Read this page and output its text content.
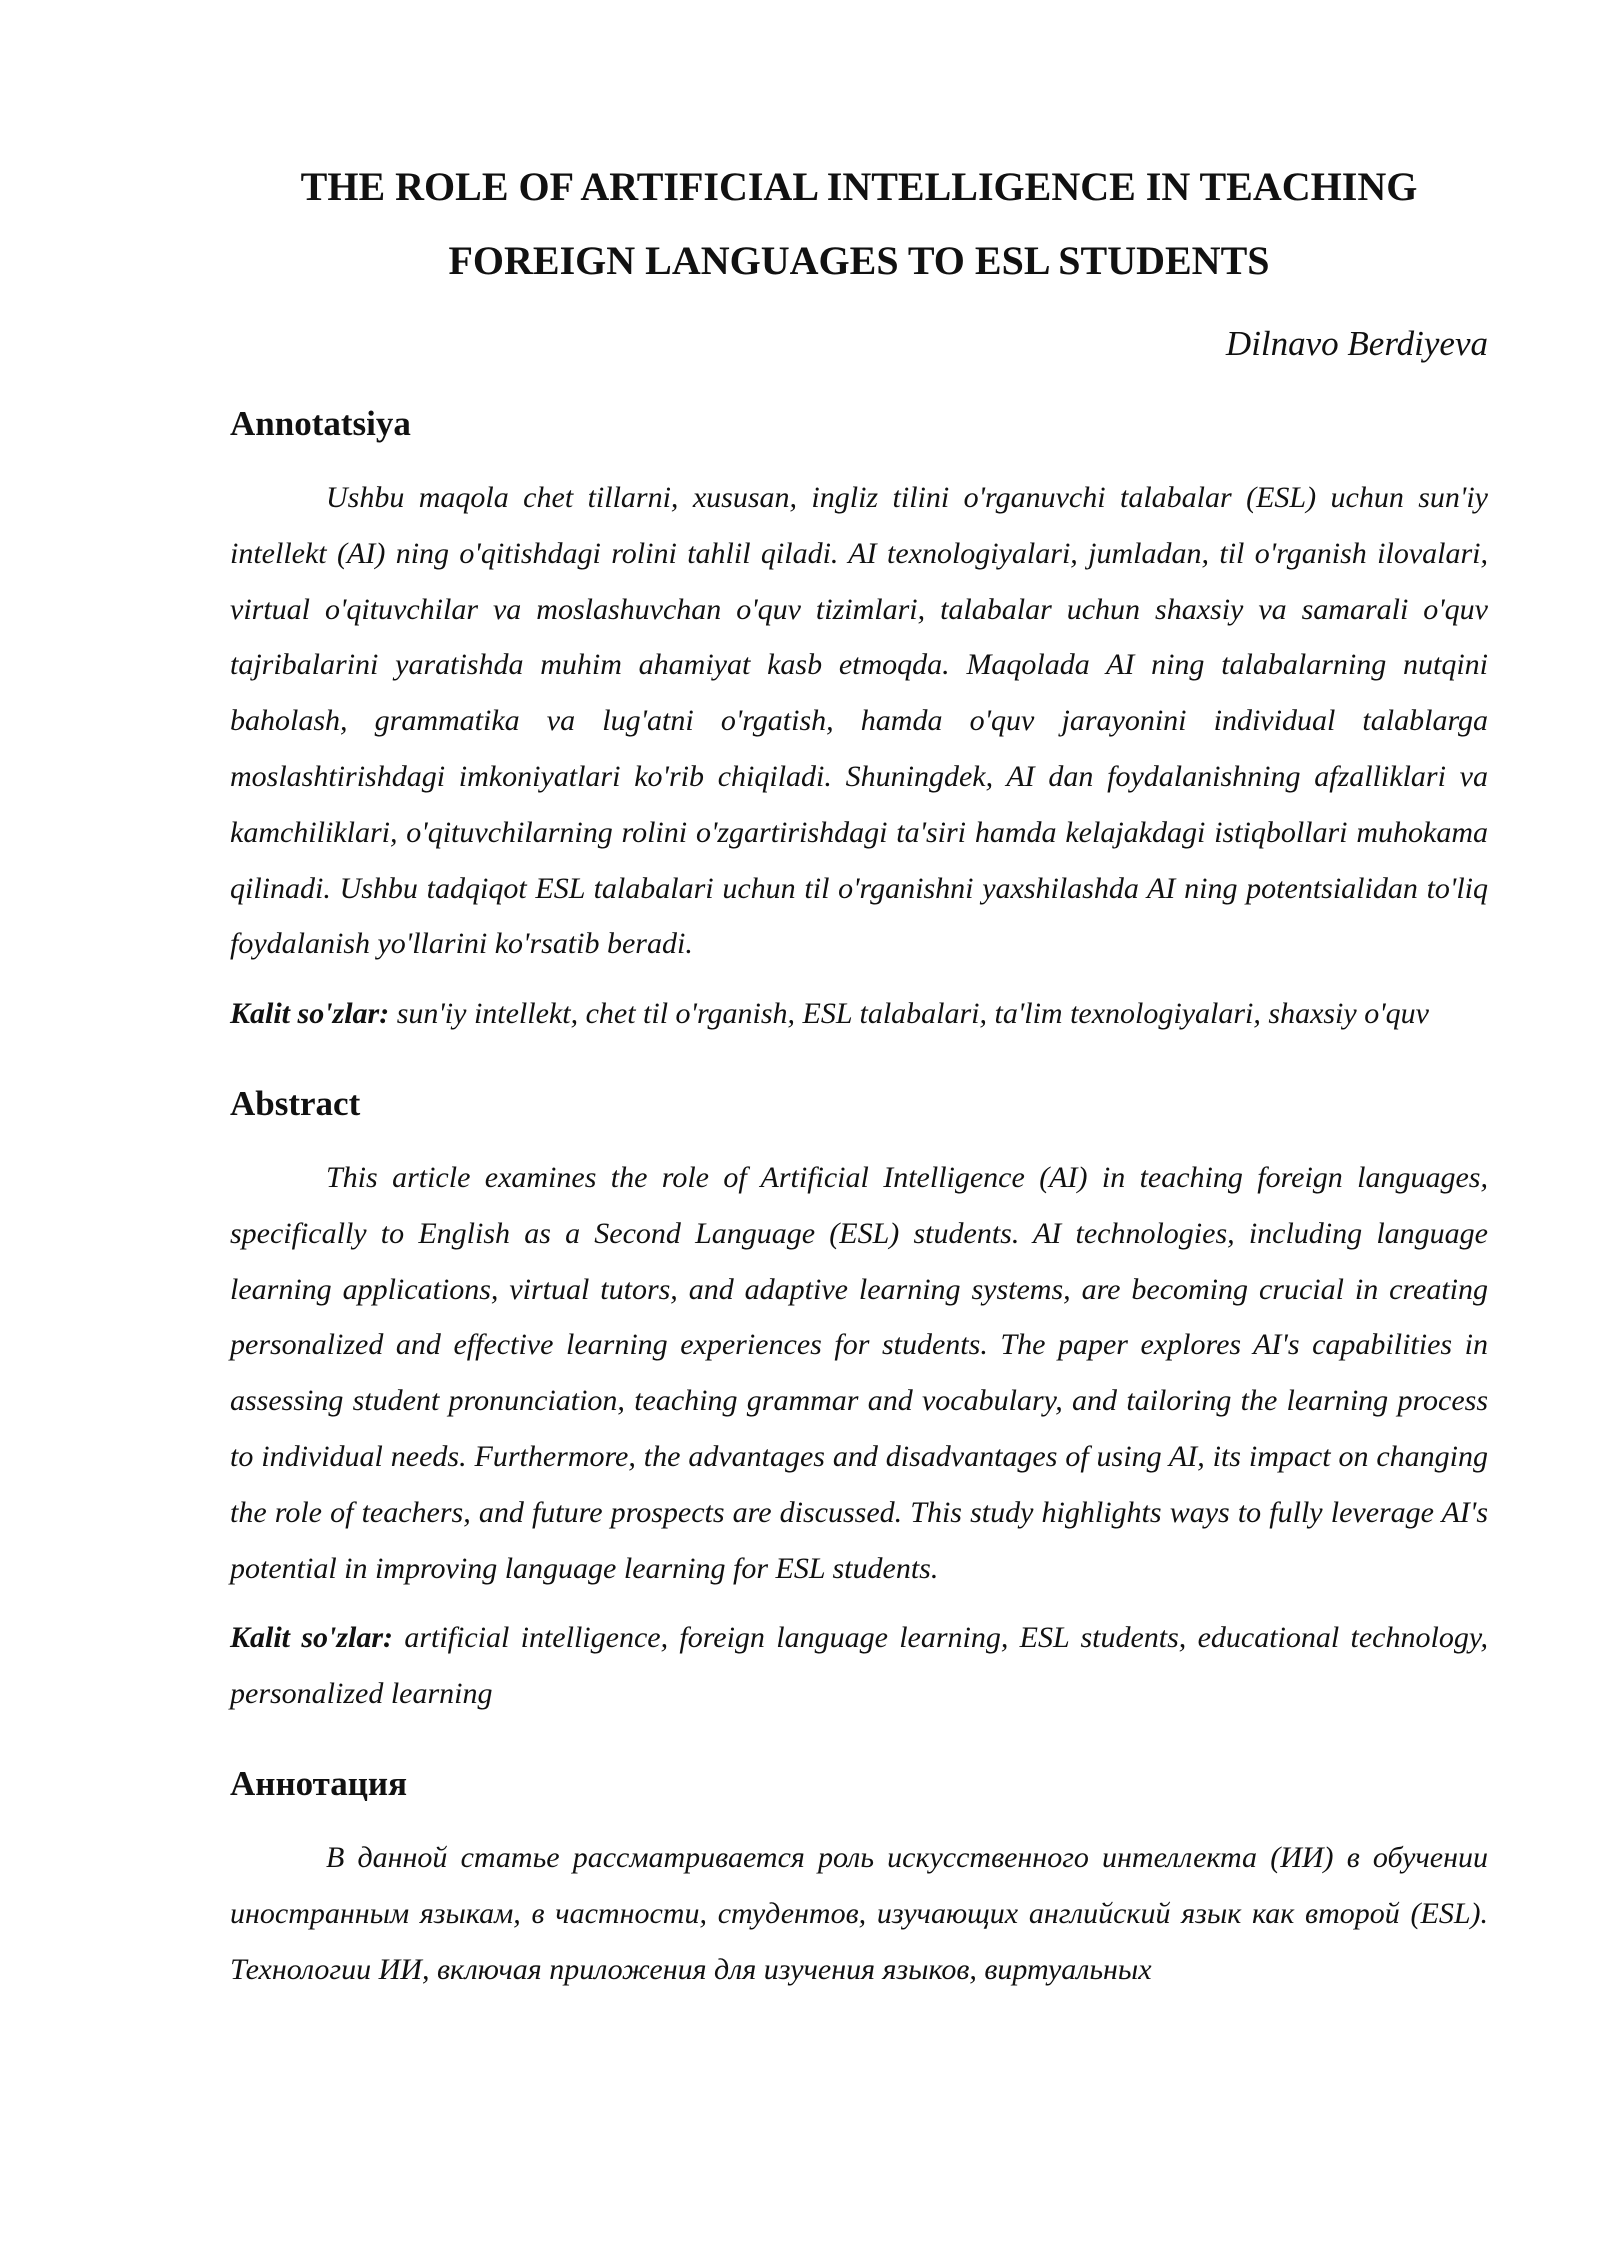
THE ROLE OF ARTIFICIAL INTELLIGENCE IN TEACHING
FOREIGN LANGUAGES TO ESL STUDENTS

Dilnavo Berdiyeva
Annotatsiya

Ushbu maqola chet tillarni, xususan, ingliz tilini o'rganuvchi talabalar (ESL) uchun sun'iy intellekt (AI) ning o'qitishdagi rolini tahlil qiladi. AI texnologiyalari, jumladan, til o'rganish ilovalari, virtual o'qituvchilar va moslashuvchan o'quv tizimlari, talabalar uchun shaxsiy va samarali o'quv tajribalarini yaratishda muhim ahamiyat kasb etmoqda. Maqolada AI ning talabalarning nutqini baholash, grammatika va lug'atni o'rgatish, hamda o'quv jarayonini individual talablarga moslashtirishdagi imkoniyatlari ko'rib chiqiladi. Shuningdek, AI dan foydalanishning afzalliklari va kamchiliklari, o'qituvchilarning rolini o'zgartirishdagi ta'siri hamda kelajakdagi istiqbollari muhokama qilinadi. Ushbu tadqiqot ESL talabalari uchun til o'rganishni yaxshilashda AI ning potentsialidan to'liq foydalanish yo'llarini ko'rsatib beradi.

Kalit so'zlar: sun'iy intellekt, chet til o'rganish, ESL talabalari, ta'lim texnologiyalari, shaxsiy o'quv

Abstract

This article examines the role of Artificial Intelligence (AI) in teaching foreign languages, specifically to English as a Second Language (ESL) students. AI technologies, including language learning applications, virtual tutors, and adaptive learning systems, are becoming crucial in creating personalized and effective learning experiences for students. The paper explores AI's capabilities in assessing student pronunciation, teaching grammar and vocabulary, and tailoring the learning process to individual needs. Furthermore, the advantages and disadvantages of using AI, its impact on changing the role of teachers, and future prospects are discussed. This study highlights ways to fully leverage AI's potential in improving language learning for ESL students.

Kalit so'zlar: artificial intelligence, foreign language learning, ESL students, educational technology, personalized learning

Аннотация

В данной статье рассматривается роль искусственного интеллекта (ИИ) в обучении иностранным языкам, в частности, студентов, изучающих английский язык как второй (ESL). Технологии ИИ, включая приложения для изучения языков, виртуальных
